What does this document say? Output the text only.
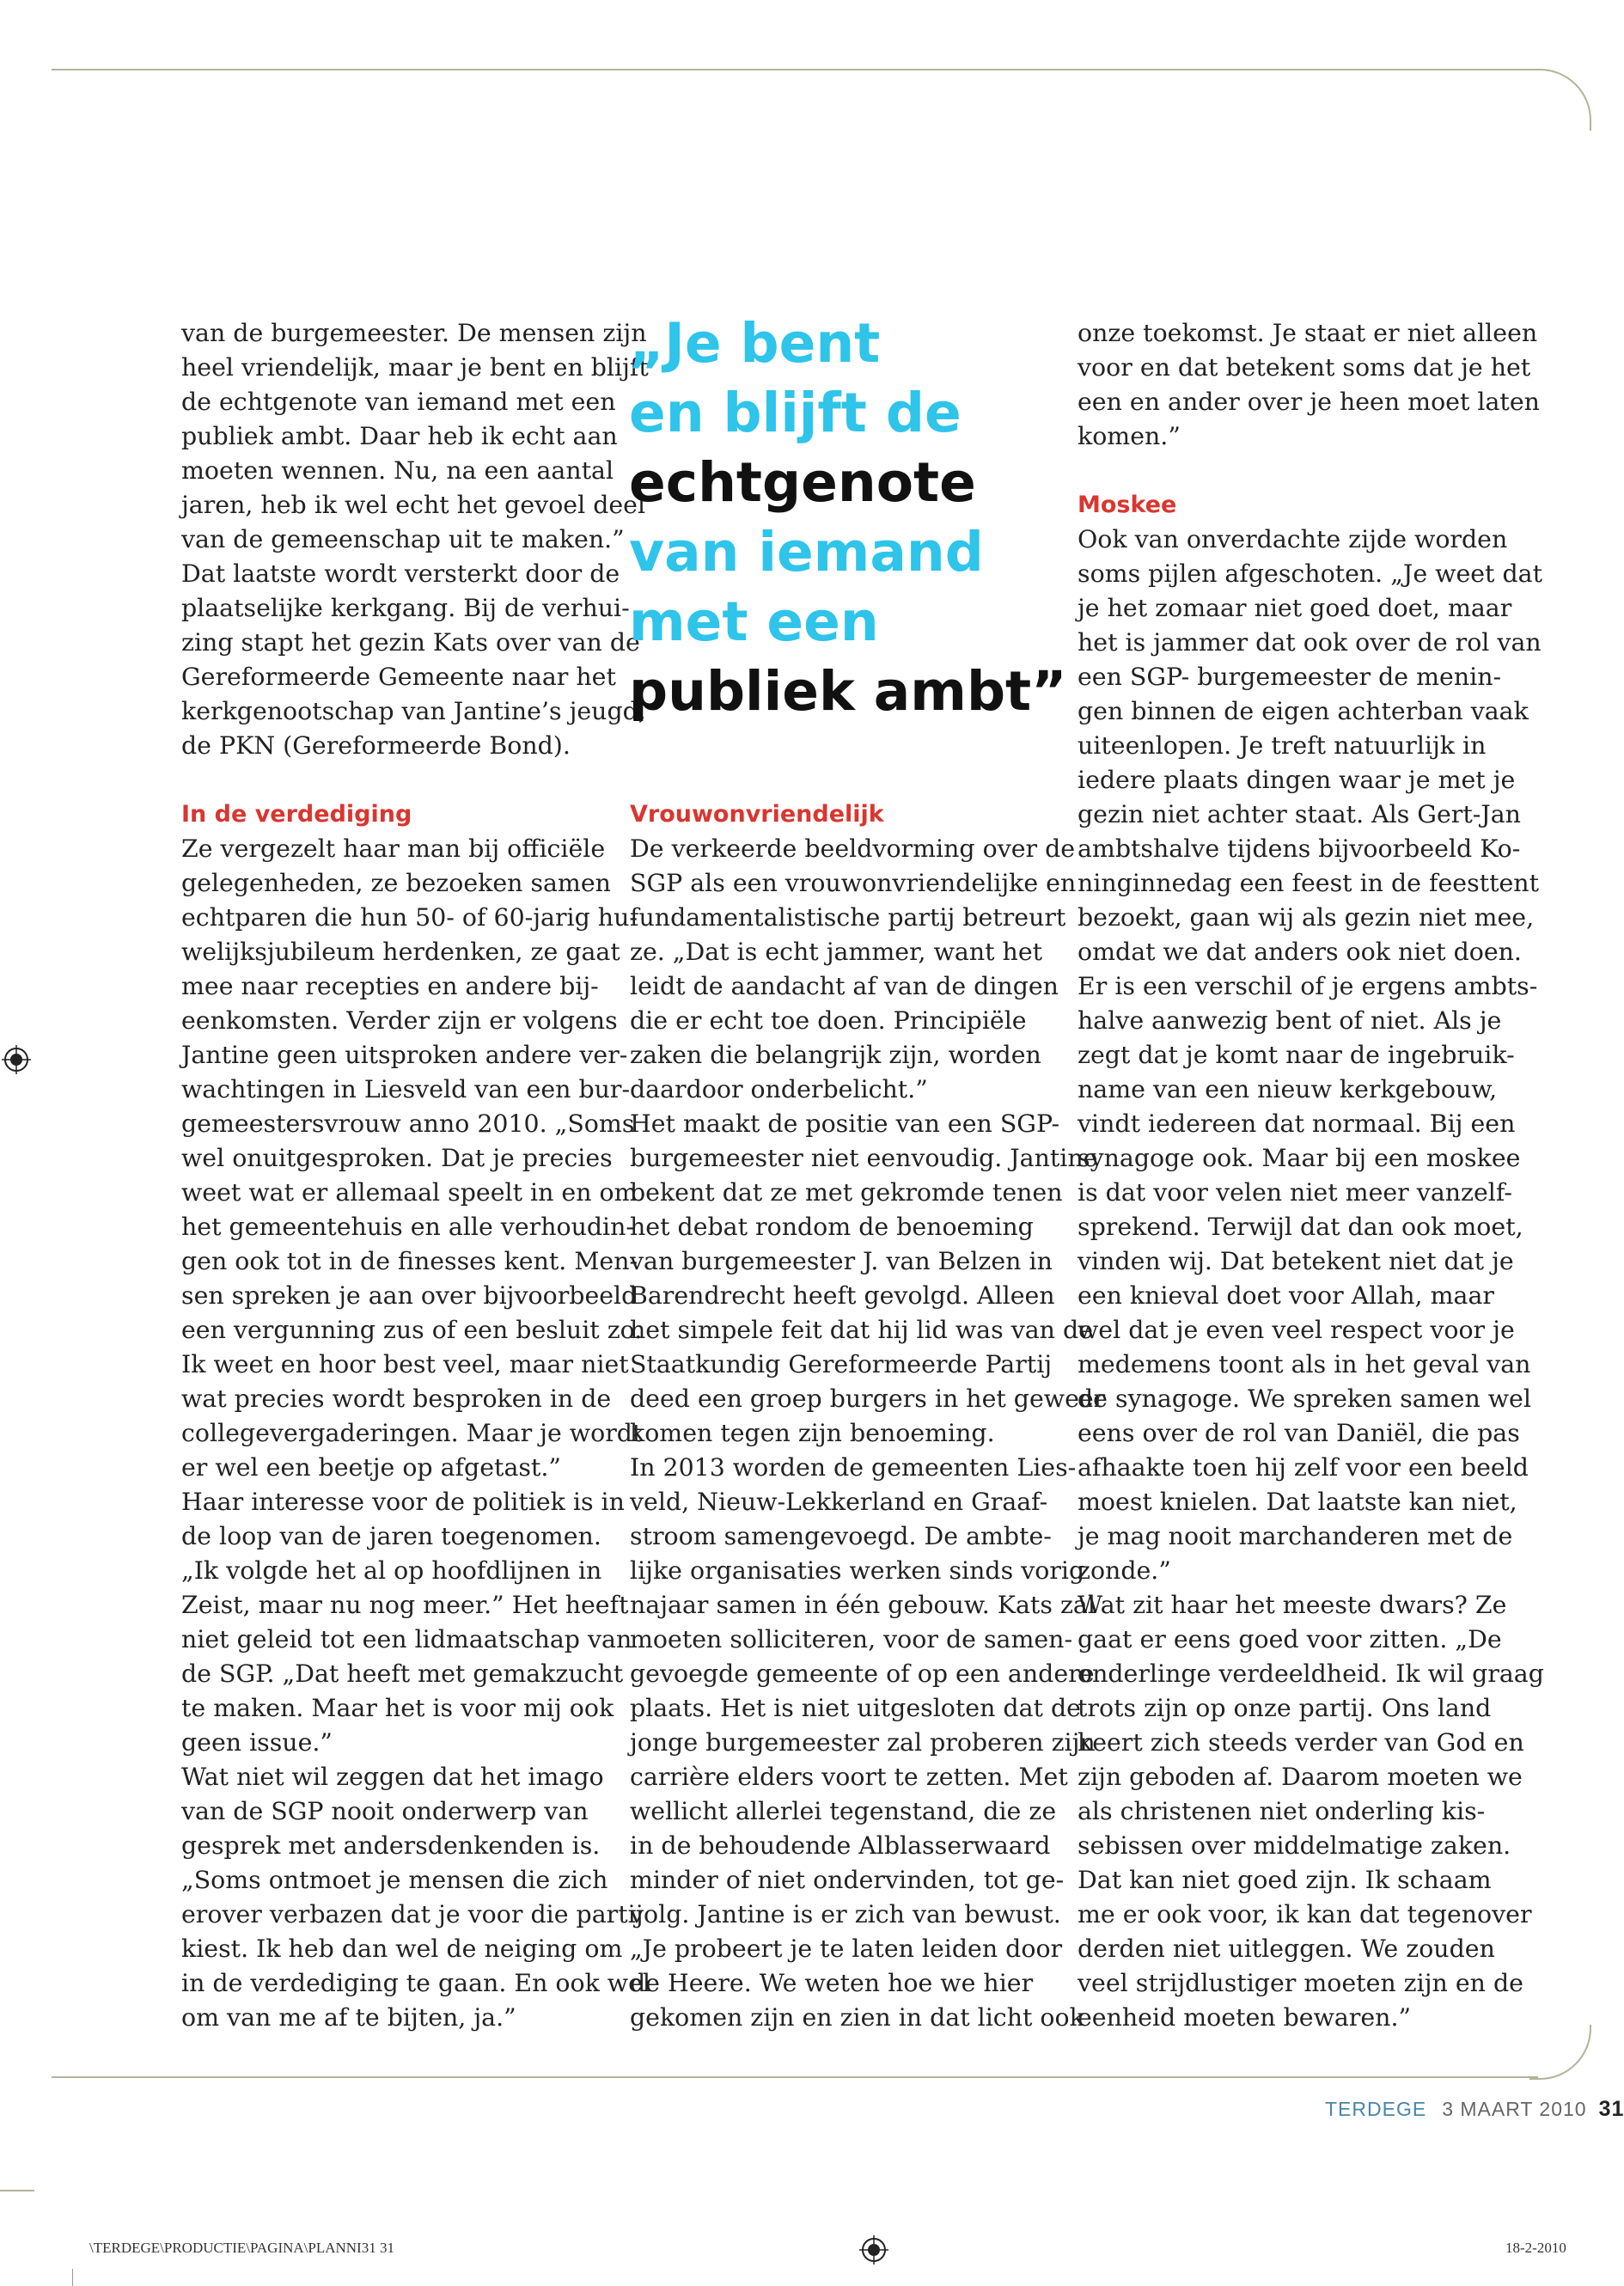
van de burgemeester. De mensen zijn

heel vriendelijk, maar je bent en blijft

de echtgenote van iemand met een

publiek ambt. Daar heb ik echt aan

moeten wennen. Nu, na een aantal

jaren, heb ik wel echt het gevoel deel

van de gemeenschap uit te maken.”

Dat laatste wordt versterkt door de

plaatselijke kerkgang. Bij de verhui-

zing stapt het gezin Kats over van de

Gereformeerde Gemeente naar het

kerkgenootschap van Jantine’s jeugd,

de PKN (Gereformeerde Bond).

In de verdediging

Ze vergezelt haar man bij officiële

gelegenheden, ze bezoeken samen

echtparen die hun 50- of 60-jarig hu-

welijksjubileum herdenken, ze gaat

mee naar recepties en andere bij-

eenkomsten. Verder zijn er volgens

Jantine geen uitsproken andere ver-

wachtingen in Liesveld van een bur-

gemeestersvrouw anno 2010. „Soms

wel onuitgesproken. Dat je precies

weet wat er allemaal speelt in en om

het gemeentehuis en alle verhoudin-

gen ook tot in de finesses kent. Men-

sen spreken je aan over bijvoorbeeld

een vergunning zus of een besluit zo.

Ik weet en hoor best veel, maar niet

wat precies wordt besproken in de

collegevergaderingen. Maar je wordt

er wel een beetje op afgetast.”

Haar interesse voor de politiek is in

de loop van de jaren toegenomen.

„Ik volgde het al op hoofdlijnen in

Zeist, maar nu nog meer.” Het heeft

niet geleid tot een lidmaatschap van

de SGP. „Dat heeft met gemakzucht

te maken. Maar het is voor mij ook

geen issue.”

Wat niet wil zeggen dat het imago

van de SGP nooit onderwerp van

gesprek met andersdenkenden is.

„Soms ontmoet je mensen die zich

erover verbazen dat je voor die partij

kiest. Ik heb dan wel de neiging om

in de verdediging te gaan. En ook wel

om van me af te bijten, ja.”

„Je bent
en blijft de
echtgenote
van iemand
met een
publiek ambt”
Vrouwonvriendelijk

De verkeerde beeldvorming over de

SGP als een vrouwonvriendelijke en

fundamentalistische partij betreurt

ze. „Dat is echt jammer, want het

leidt de aandacht af van de dingen

die er echt toe doen. Principiële

zaken die belangrijk zijn, worden

daardoor onderbelicht.”

Het maakt de positie van een SGP-

burgemeester niet eenvoudig. Jantine

bekent dat ze met gekromde tenen

het debat rondom de benoeming

van burgemeester J. van Belzen in

Barendrecht heeft gevolgd. Alleen

het simpele feit dat hij lid was van de

Staatkundig Gereformeerde Partij

deed een groep burgers in het geweer

komen tegen zijn benoeming.

In 2013 worden de gemeenten Lies-

veld, Nieuw-Lekkerland en Graaf-

stroom samengevoegd. De ambte-

lijke organisaties werken sinds vorig

najaar samen in één gebouw. Kats zal

moeten solliciteren, voor de samen-

gevoegde gemeente of op een andere

plaats. Het is niet uitgesloten dat de

jonge burgemeester zal proberen zijn

carrière elders voort te zetten. Met

wellicht allerlei tegenstand, die ze

in de behoudende Alblasserwaard

minder of niet ondervinden, tot ge-

volg. Jantine is er zich van bewust.

„Je probeert je te laten leiden door

de Heere. We weten hoe we hier

gekomen zijn en zien in dat licht ook

onze toekomst. Je staat er niet alleen

voor en dat betekent soms dat je het

een en ander over je heen moet laten

komen.”

Moskee

Ook van onverdachte zijde worden

soms pijlen afgeschoten. „Je weet dat

je het zomaar niet goed doet, maar

het is jammer dat ook over de rol van

een SGP- burgemeester de menin-

gen binnen de eigen achterban vaak

uiteenlopen. Je treft natuurlijk in

iedere plaats dingen waar je met je

gezin niet achter staat. Als Gert-Jan

ambtshalve tijdens bijvoorbeeld Ko-

ninginnedag een feest in de feesttent

bezoekt, gaan wij als gezin niet mee,

omdat we dat anders ook niet doen.

Er is een verschil of je ergens ambts-

halve aanwezig bent of niet. Als je

zegt dat je komt naar de ingebruik-

name van een nieuw kerkgebouw,

vindt iedereen dat normaal. Bij een

synagoge ook. Maar bij een moskee

is dat voor velen niet meer vanzelf-

sprekend. Terwijl dat dan ook moet,

vinden wij. Dat betekent niet dat je

een knieval doet voor Allah, maar

wel dat je even veel respect voor je

medemens toont als in het geval van

de synagoge. We spreken samen wel

eens over de rol van Daniël, die pas

afhaakte toen hij zelf voor een beeld

moest knielen. Dat laatste kan niet,

je mag nooit marchanderen met de

zonde.”

Wat zit haar het meeste dwars? Ze

gaat er eens goed voor zitten. „De

onderlinge verdeeldheid. Ik wil graag

trots zijn op onze partij. Ons land

keert zich steeds verder van God en

zijn geboden af. Daarom moeten we

als christenen niet onderling kis-

sebissen over middelmatige zaken.

Dat kan niet goed zijn. Ik schaam

me er ook voor, ik kan dat tegenover

derden niet uitleggen. We zouden

veel strijdlustiger moeten zijn en de

eenheid moeten bewaren.”

TERDEGE 3 MAART 2010 31
\TERDEGE\PRODUCTIE\PAGINA\PLANNI31 31	18-2-2010
